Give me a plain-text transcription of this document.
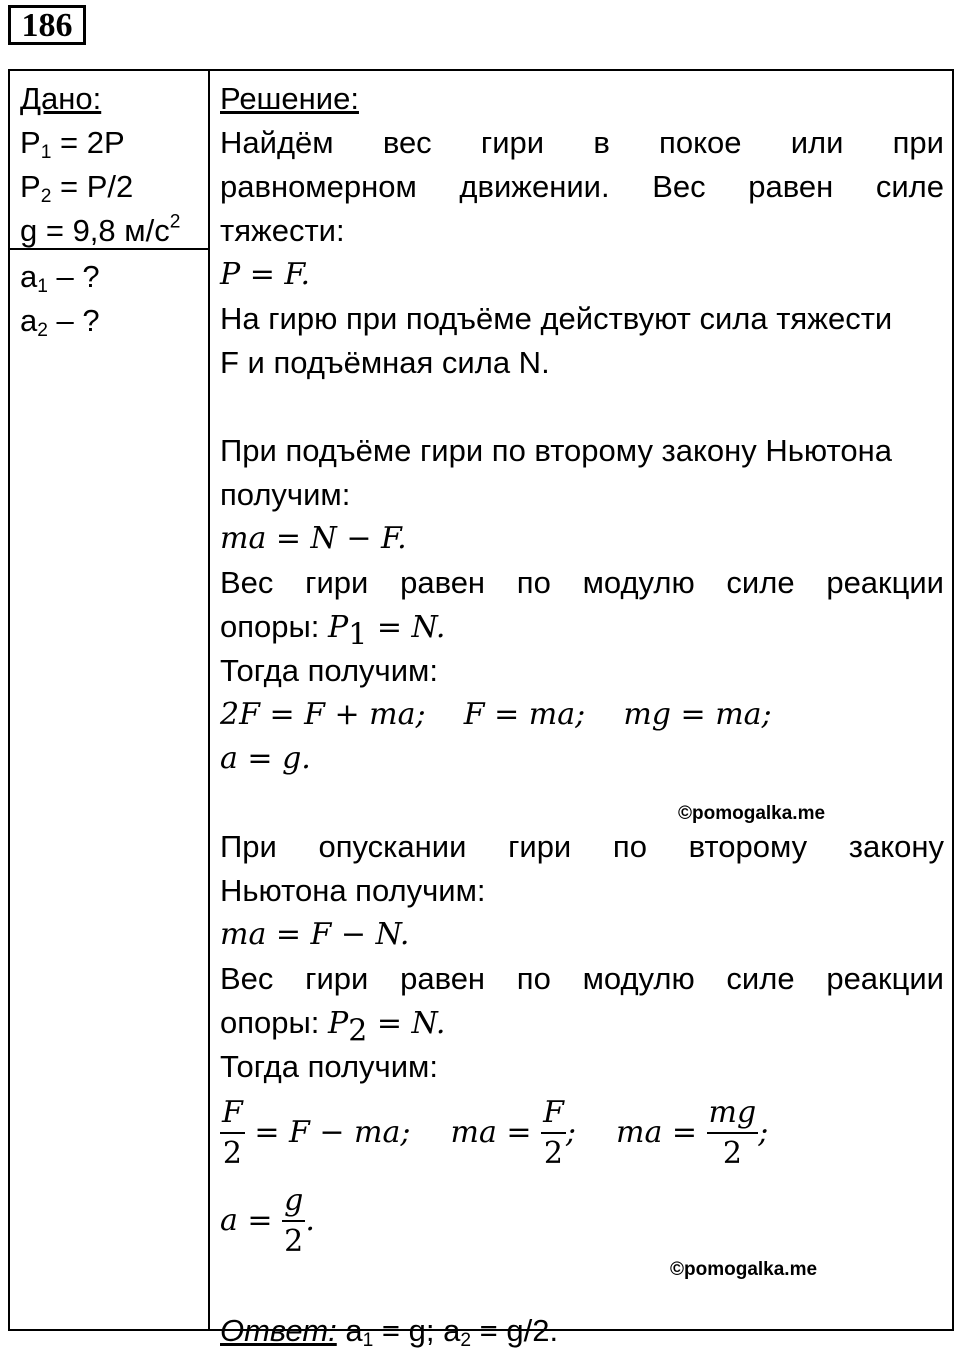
186
Дано:
$P_1 = 2P$
$P_2 = P/2$
g = 9,8 $м/с^2$
$a_1$ – ?
$a_2$ – ?
Решение:
Найдём вес гири в покое или при
равномерном движении. Вес равен силе
тяжести:
P = F.
На гирю при подъёме действуют сила тяжести
F и подъёмная сила N.
При подъёме гири по второму закону Ньютона
получим:
ma = N − F.
Вес гири равен по модулю силе реакции
опоры: $P_1 = N$.
Тогда получим:
2F = F + ma;    F = ma;    mg = ma;
a = g.
При опускании гири по второму закону
Ньютона получим:
ma = F − N.
Вес гири равен по модулю силе реакции
опоры: $P_2 = N$.
Тогда получим:
$\frac{F}{2} = F$ − ma; ma = $\frac{F}{2}$ ; ma = $\frac{mg}{2}$ ;
$a = \frac{g}{2}$ .
Ответ: $a_1 = g$; $a_2 = g/2$.
©pomogalka.me
©pomogalka.me
